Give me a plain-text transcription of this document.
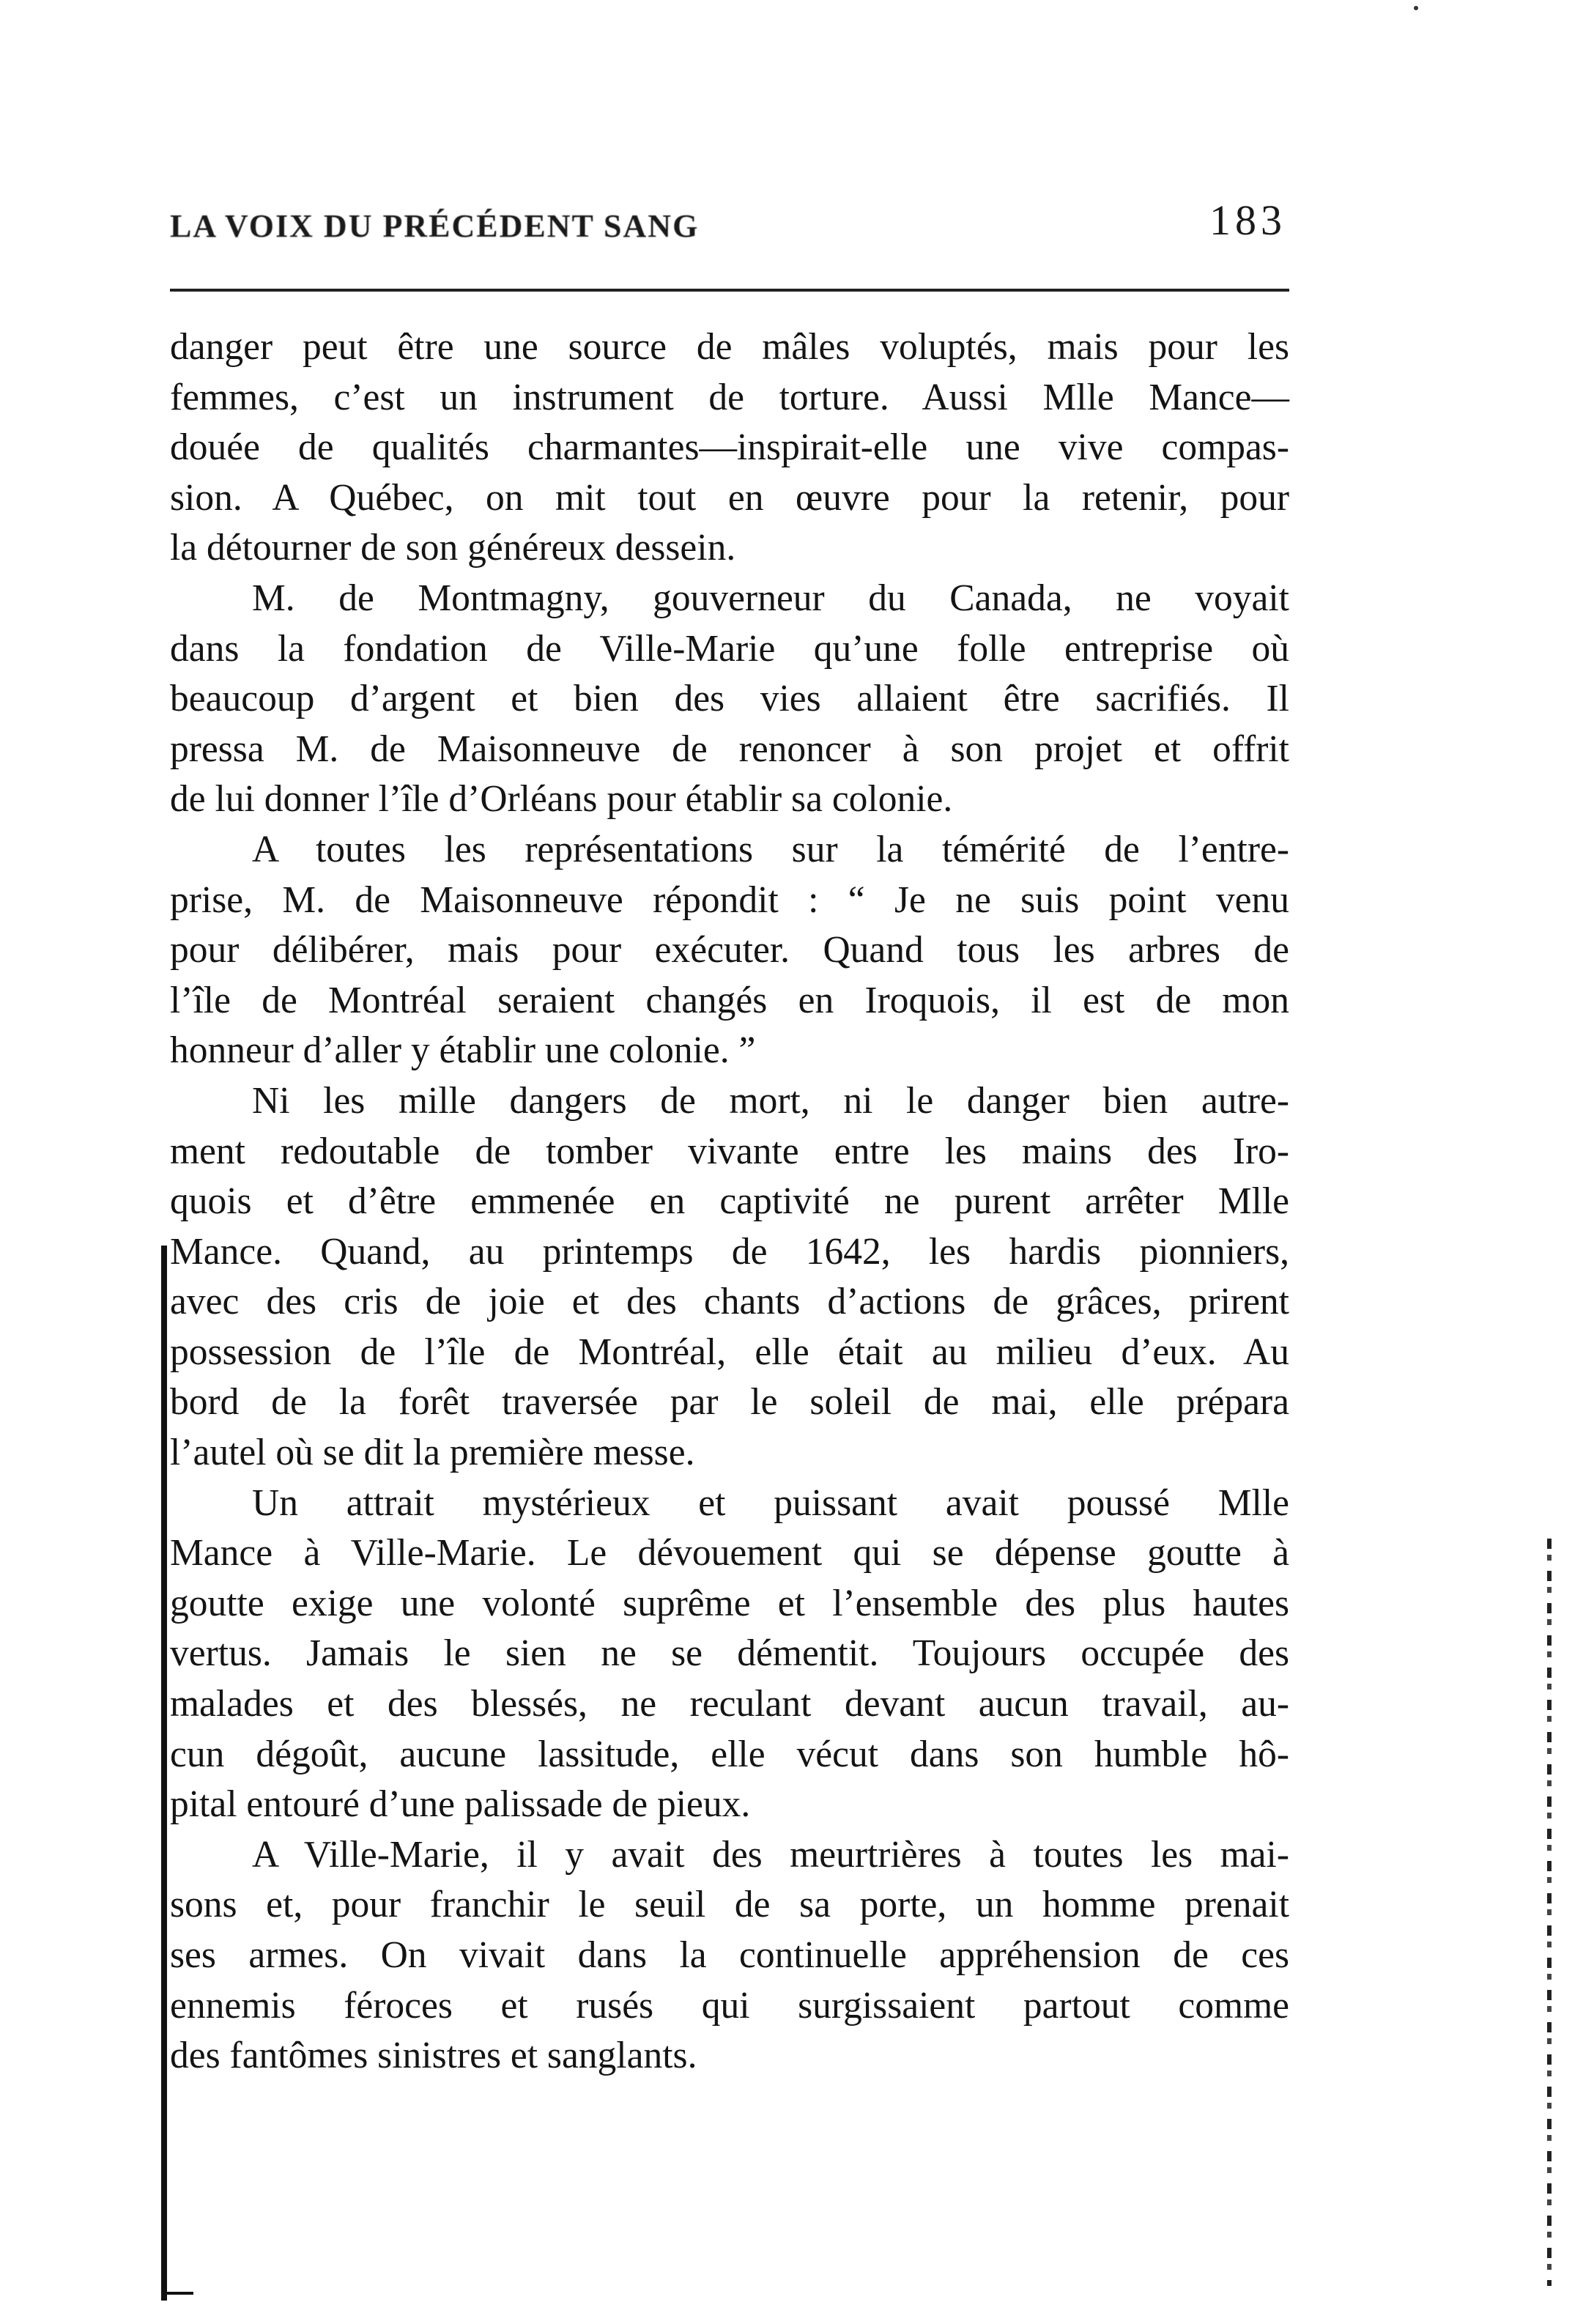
LA VOIX DU PRÉCÉDENT SANG	183

danger peut être une source de mâles voluptés, mais pour les
femmes, c’est un instrument de torture. Aussi Mlle Mance—
douée de qualités charmantes—inspirait-elle une vive compas-
sion. A Québec, on mit tout en œuvre pour la retenir, pour
la détourner de son généreux dessein.

M. de Montmagny, gouverneur du Canada, ne voyait
dans la fondation de Ville-Marie qu’une folle entreprise où
beaucoup d’argent et bien des vies allaient être sacrifiés. Il
pressa M. de Maisonneuve de renoncer à son projet et offrit
de lui donner l’île d’Orléans pour établir sa colonie.

A toutes les représentations sur la témérité de l’entre-
prise, M. de Maisonneuve répondit : “ Je ne suis point venu
pour délibérer, mais pour exécuter. Quand tous les arbres de
l’île de Montréal seraient changés en Iroquois, il est de mon
honneur d’aller y établir une colonie. ”

Ni les mille dangers de mort, ni le danger bien autre-
ment redoutable de tomber vivante entre les mains des Iro-
quois et d’être emmenée en captivité ne purent arrêter Mlle
Mance. Quand, au printemps de 1642, les hardis pionniers,
avec des cris de joie et des chants d’actions de grâces, prirent
possession de l’île de Montréal, elle était au milieu d’eux. Au
bord de la forêt traversée par le soleil de mai, elle prépara
l’autel où se dit la première messe.

Un attrait mystérieux et puissant avait poussé Mlle
Mance à Ville-Marie. Le dévouement qui se dépense goutte à
goutte exige une volonté suprême et l’ensemble des plus hautes
vertus. Jamais le sien ne se démentit. Toujours occupée des
malades et des blessés, ne reculant devant aucun travail, au-
cun dégoût, aucune lassitude, elle vécut dans son humble hô-
pital entouré d’une palissade de pieux.

A Ville-Marie, il y avait des meurtrières à toutes les mai-
sons et, pour franchir le seuil de sa porte, un homme prenait
ses armes. On vivait dans la continuelle appréhension de ces
ennemis féroces et rusés qui surgissaient partout comme
des fantômes sinistres et sanglants.
